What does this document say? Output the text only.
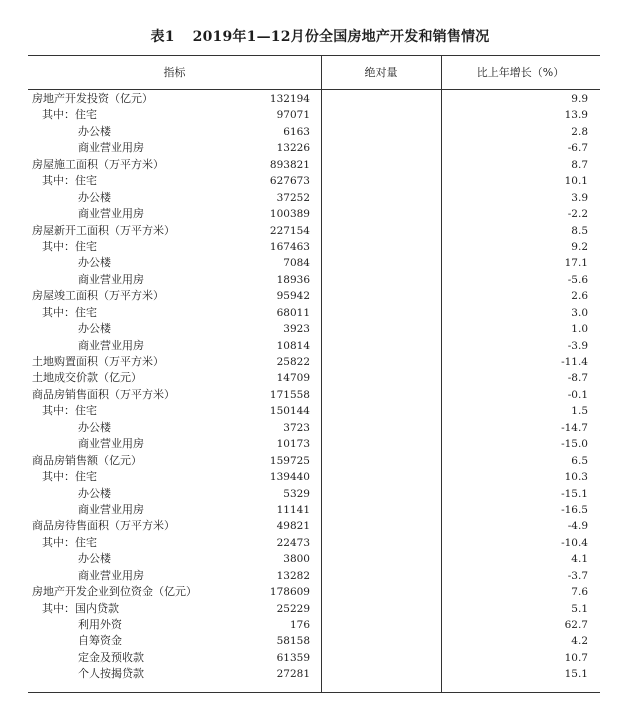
表1 2019年1—12月份全国房地产开发和销售情况
指标	绝对量	比上年增长（%）
房地产开发投资（亿元）	132194	9.9
其中：住宅	97071	13.9
办公楼	6163	2.8
商业营业用房	13226	-6.7
房屋施工面积（万平方米）	893821	8.7
其中：住宅	627673	10.1
办公楼	37252	3.9
商业营业用房	100389	-2.2
房屋新开工面积（万平方米）	227154	8.5
其中：住宅	167463	9.2
办公楼	7084	17.1
商业营业用房	18936	-5.6
房屋竣工面积（万平方米）	95942	2.6
其中：住宅	68011	3.0
办公楼	3923	1.0
商业营业用房	10814	-3.9
土地购置面积（万平方米）	25822	-11.4
土地成交价款（亿元）	14709	-8.7
商品房销售面积（万平方米）	171558	-0.1
其中：住宅	150144	1.5
办公楼	3723	-14.7
商业营业用房	10173	-15.0
商品房销售额（亿元）	159725	6.5
其中：住宅	139440	10.3
办公楼	5329	-15.1
商业营业用房	11141	-16.5
商品房待售面积（万平方米）	49821	-4.9
其中：住宅	22473	-10.4
办公楼	3800	4.1
商业营业用房	13282	-3.7
房地产开发企业到位资金（亿元）	178609	7.6
其中：国内贷款	25229	5.1
利用外资	176	62.7
自筹资金	58158	4.2
定金及预收款	61359	10.7
个人按揭贷款	27281	15.1
